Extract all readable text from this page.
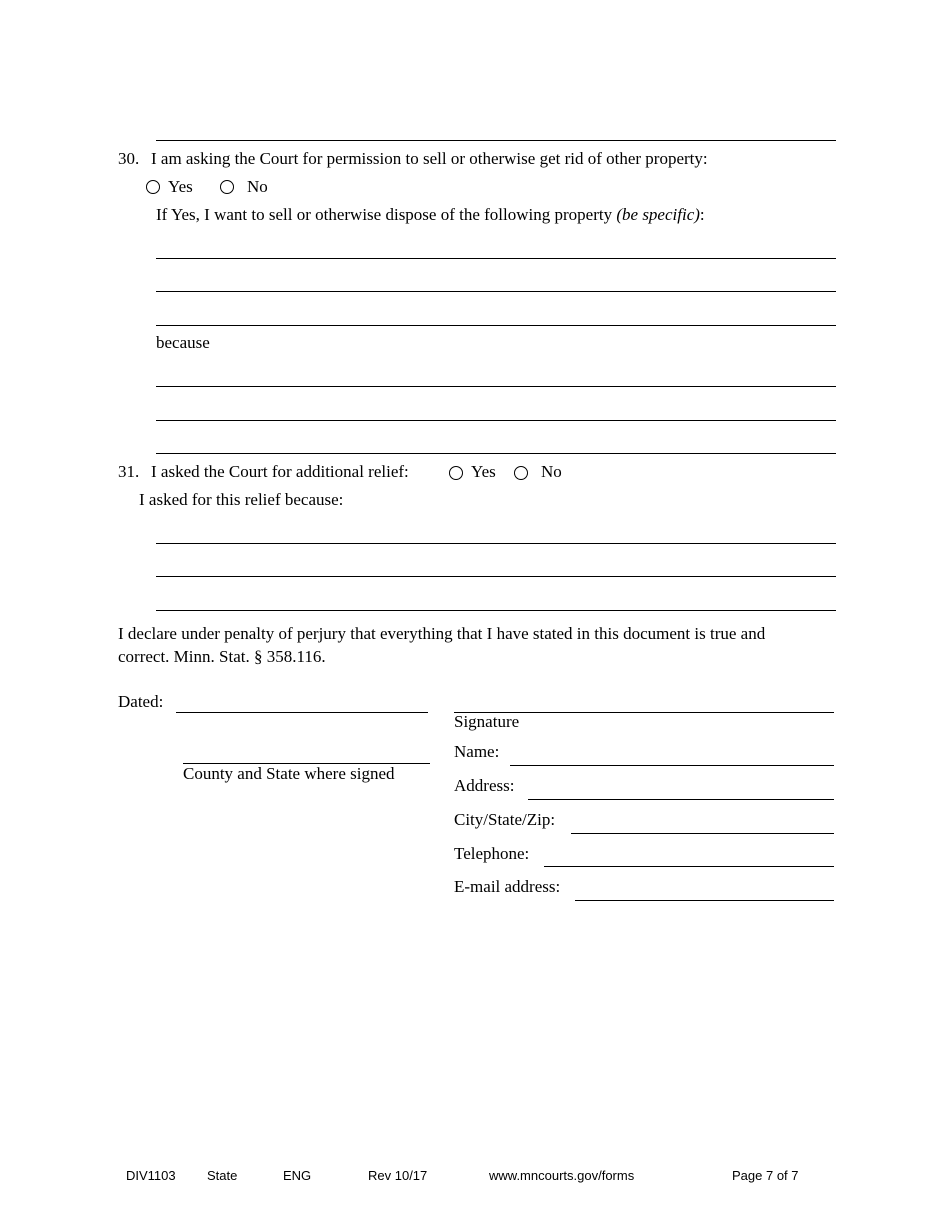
30. I am asking the Court for permission to sell or otherwise get rid of other property:
Yes	No
If Yes, I want to sell or otherwise dispose of the following property (be specific):
because
31. I asked the Court for additional relief:	Yes	No
I asked for this relief because:
I declare under penalty of perjury that everything that I have stated in this document is true and
correct. Minn. Stat. § 358.116.
Dated:
County and State where signed
Signature
Name:
Address:
City/State/Zip:
Telephone:
E-mail address:
DIV1103 State	ENG	Rev 10/17	www.mncourts.gov/forms	Page 7 of 7
